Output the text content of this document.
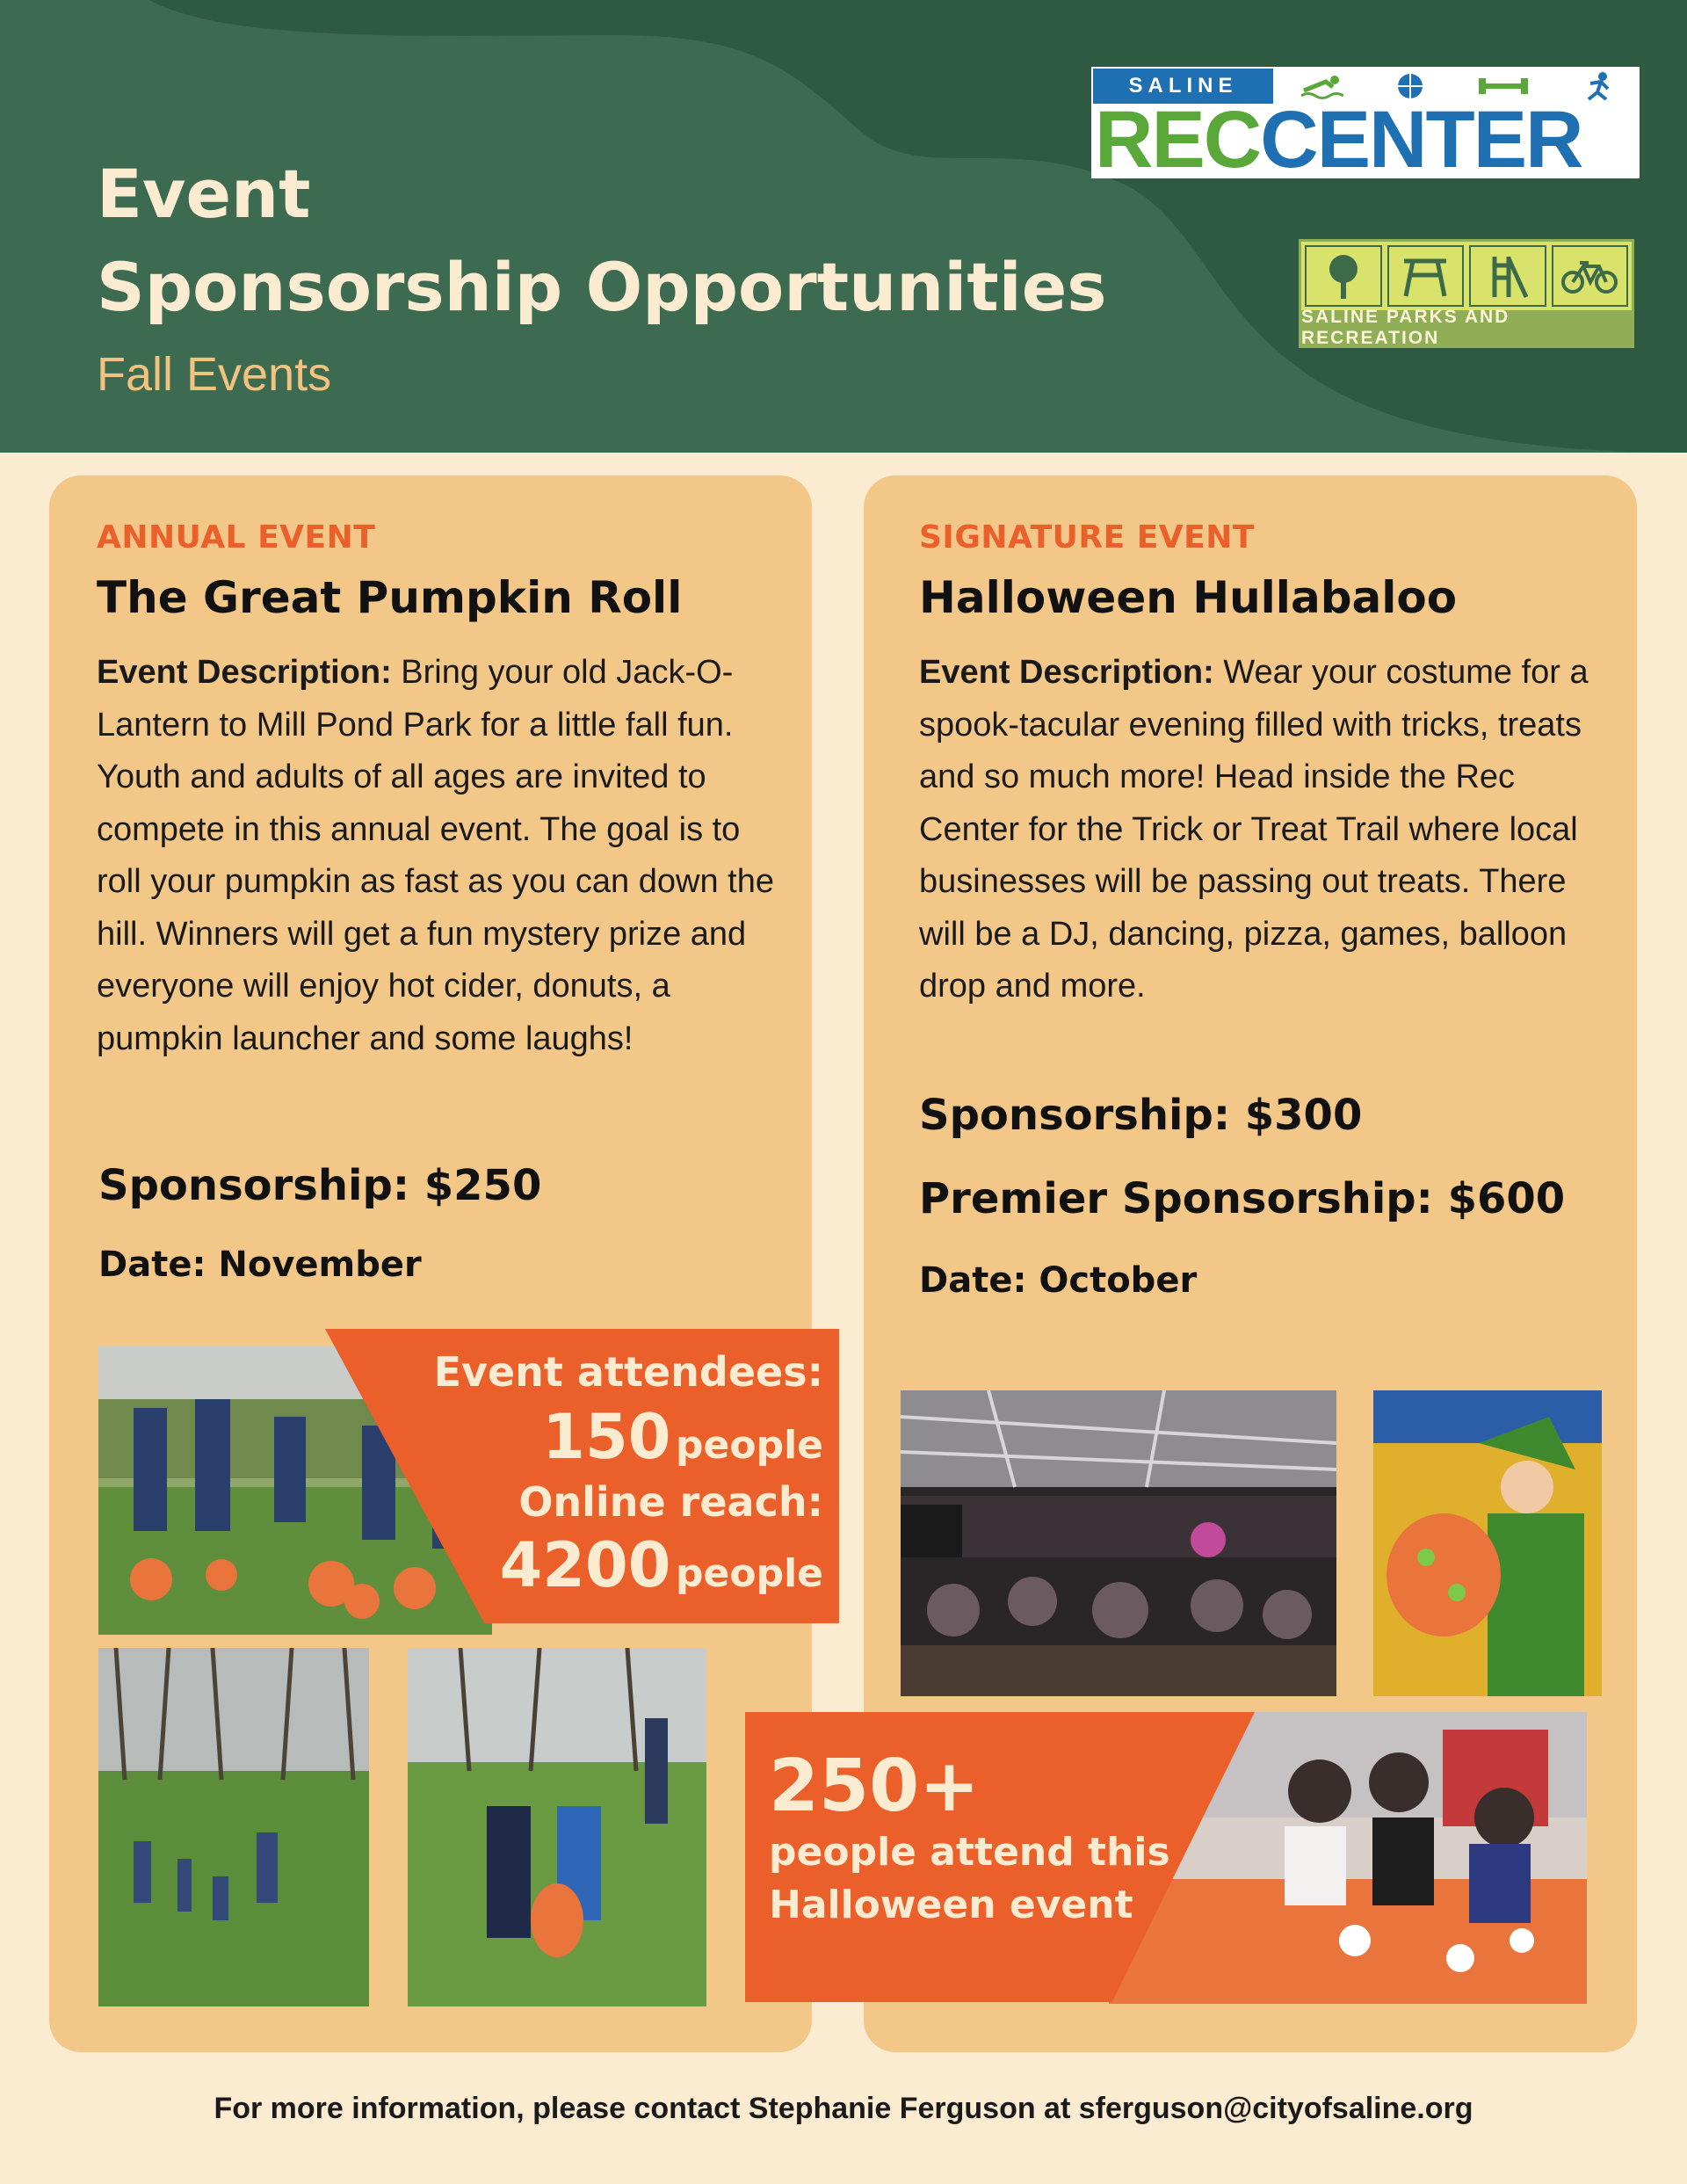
Event
Sponsorship Opportunities
Fall Events
SALINE
RECCENTER
SALINE PARKS AND RECREATION
ANNUAL EVENT
The Great Pumpkin Roll

Event Description: Bring your old Jack-O-Lantern to Mill Pond Park for a little fall fun. Youth and adults of all ages are invited to compete in this annual event. The goal is to roll your pumpkin as fast as you can down the hill. Winners will get a fun mystery prize and everyone will enjoy hot cider, donuts, a pumpkin launcher and some laughs!

Sponsorship: $250
Date: November
Event attendees:
150 people
Online reach:
4200 people
SIGNATURE EVENT
Halloween Hullabaloo

Event Description: Wear your costume for a spook-tacular evening filled with tricks, treats and so much more! Head inside the Rec Center for the Trick or Treat Trail where local businesses will be passing out treats. There will be a DJ, dancing, pizza, games, balloon drop and more.

Sponsorship: $300
Premier Sponsorship: $600
Date: October
250+

people attend this Halloween event

For more information, please contact Stephanie Ferguson at sferguson@cityofsaline.org
